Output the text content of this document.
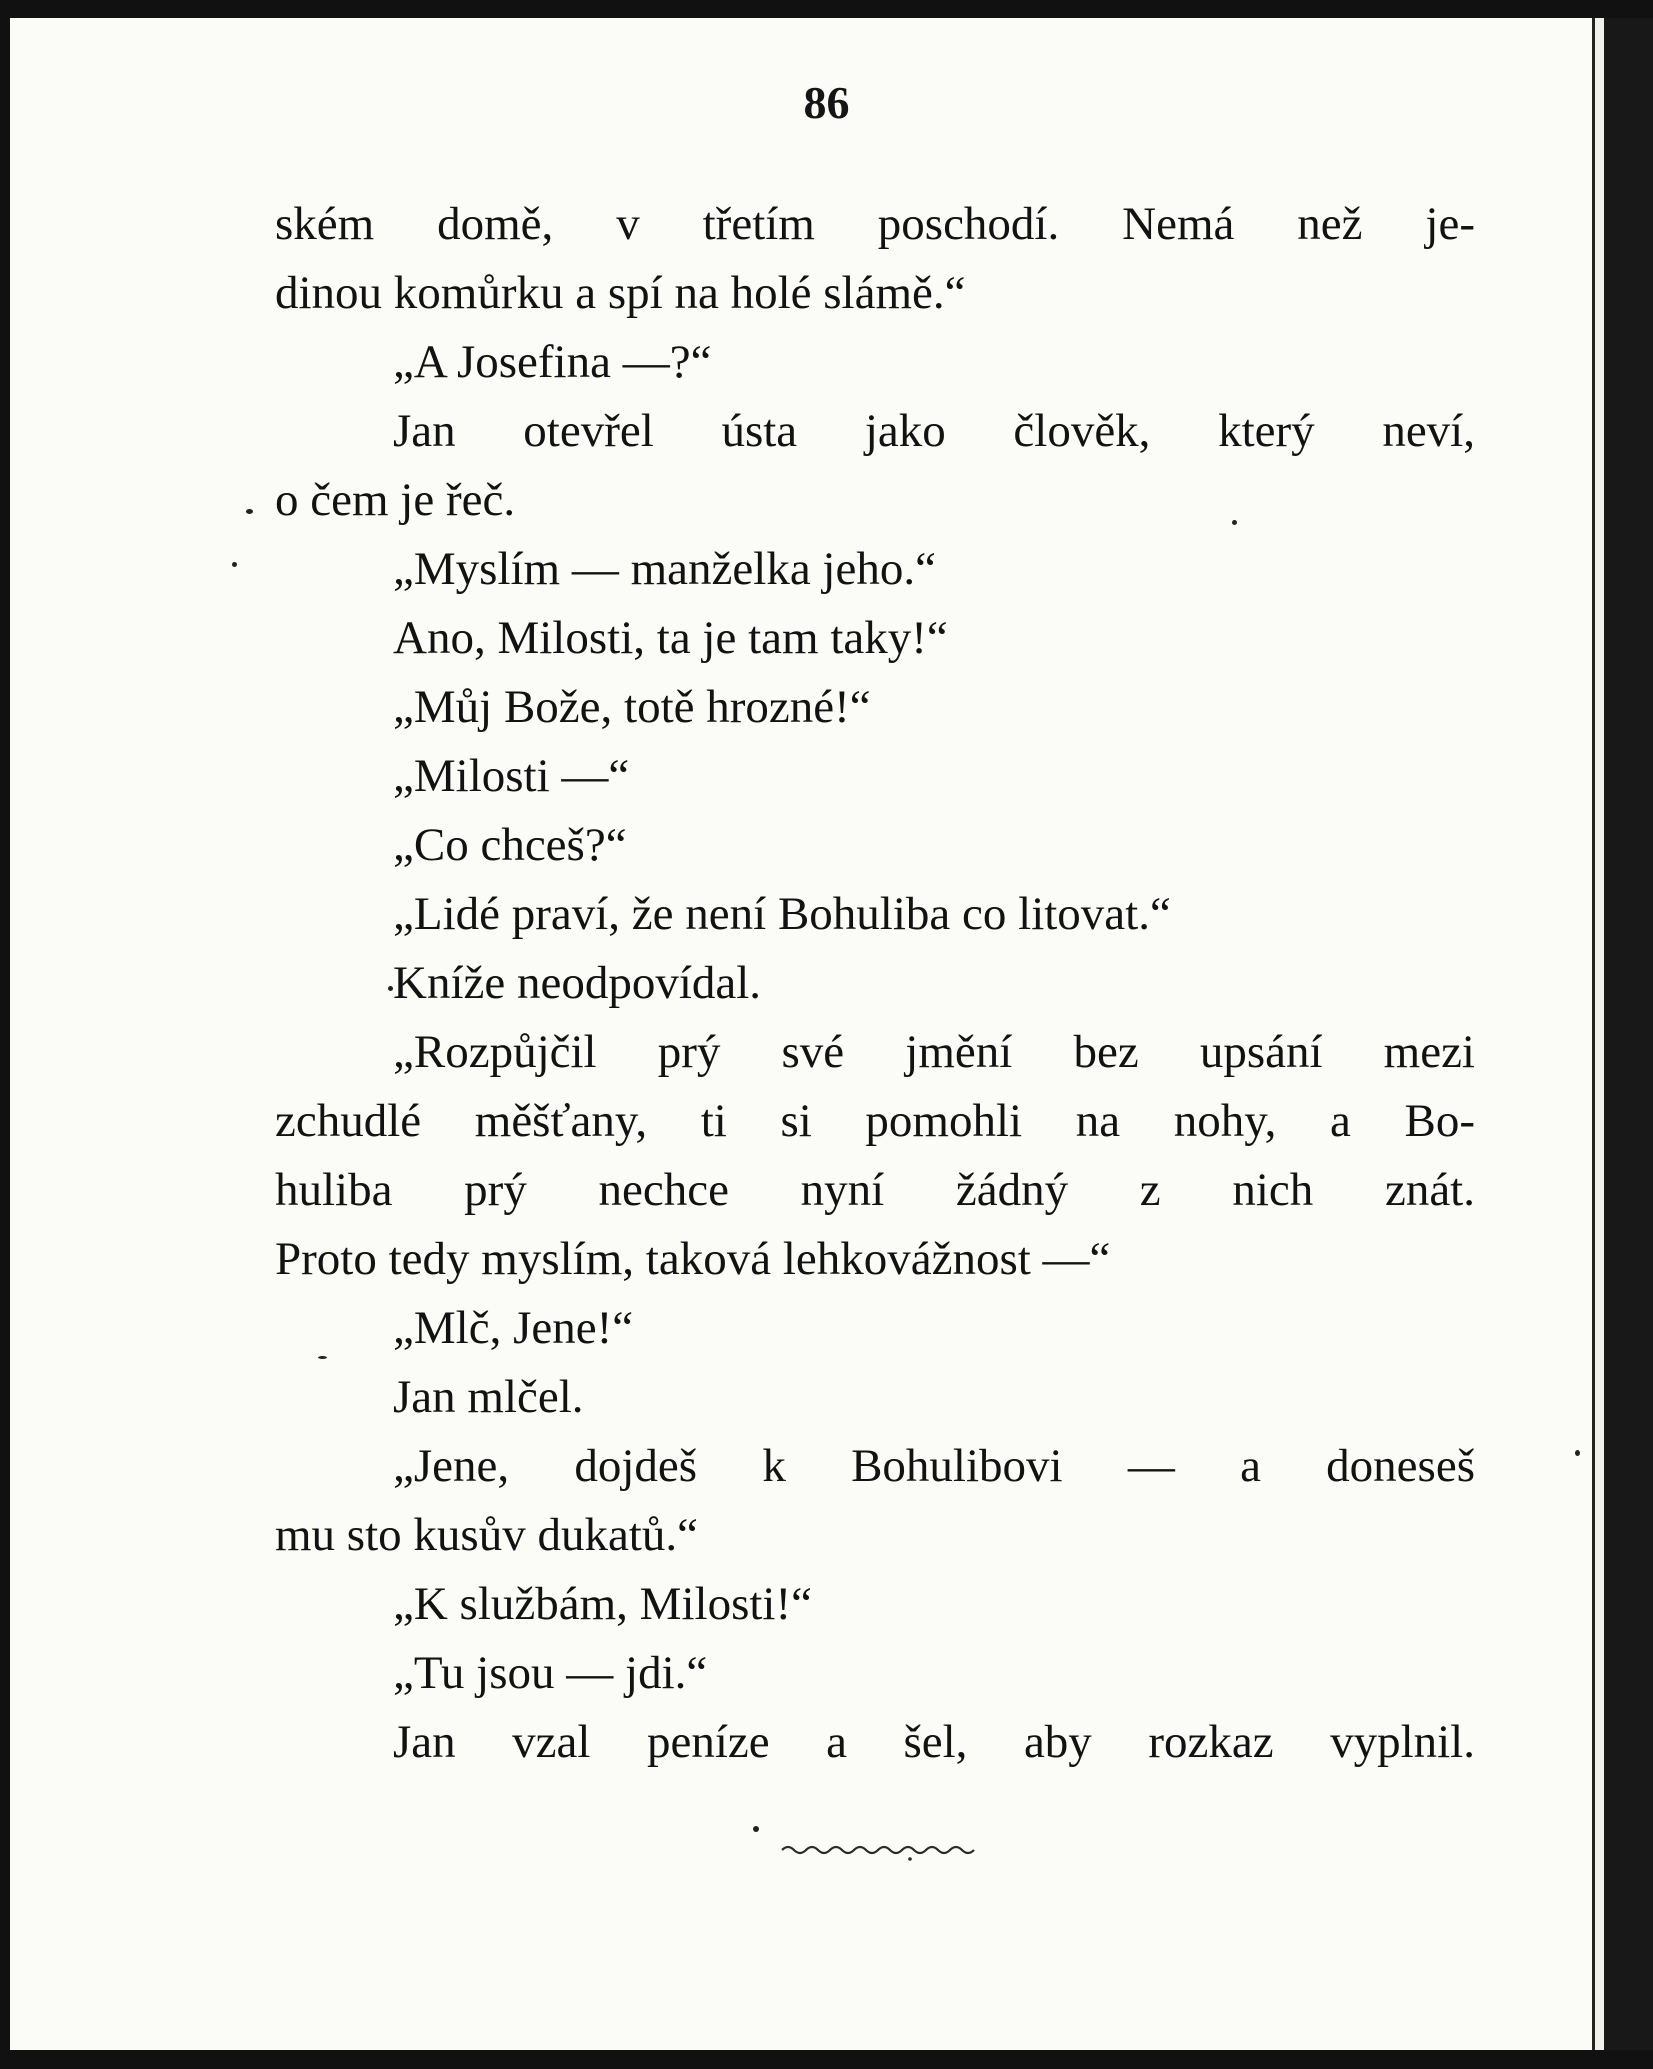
86

ském domě, v třetím poschodí. Nemá než je-

dinou komůrku a spí na holé slámě.“

„A Josefina —?“

Jan otevřel ústa jako člověk, který neví,

o čem je řeč.

„Myslím — manželka jeho.“

Ano, Milosti, ta je tam taky!“

„Můj Bože, totě hrozné!“

„Milosti —“

„Co chceš?“

„Lidé praví, že není Bohuliba co litovat.“

Kníže neodpovídal.

„Rozpůjčil prý své jmění bez upsání mezi

zchudlé měšťany, ti si pomohli na nohy, a Bo-

huliba prý nechce nyní žádný z nich znát.

Proto tedy myslím, taková lehkovážnost —“

„Mlč, Jene!“

Jan mlčel.

„Jene, dojdeš k Bohulibovi — a doneseš

mu sto kusův dukatů.“

„K službám, Milosti!“

„Tu jsou — jdi.“

Jan vzal peníze a šel, aby rozkaz vyplnil.
